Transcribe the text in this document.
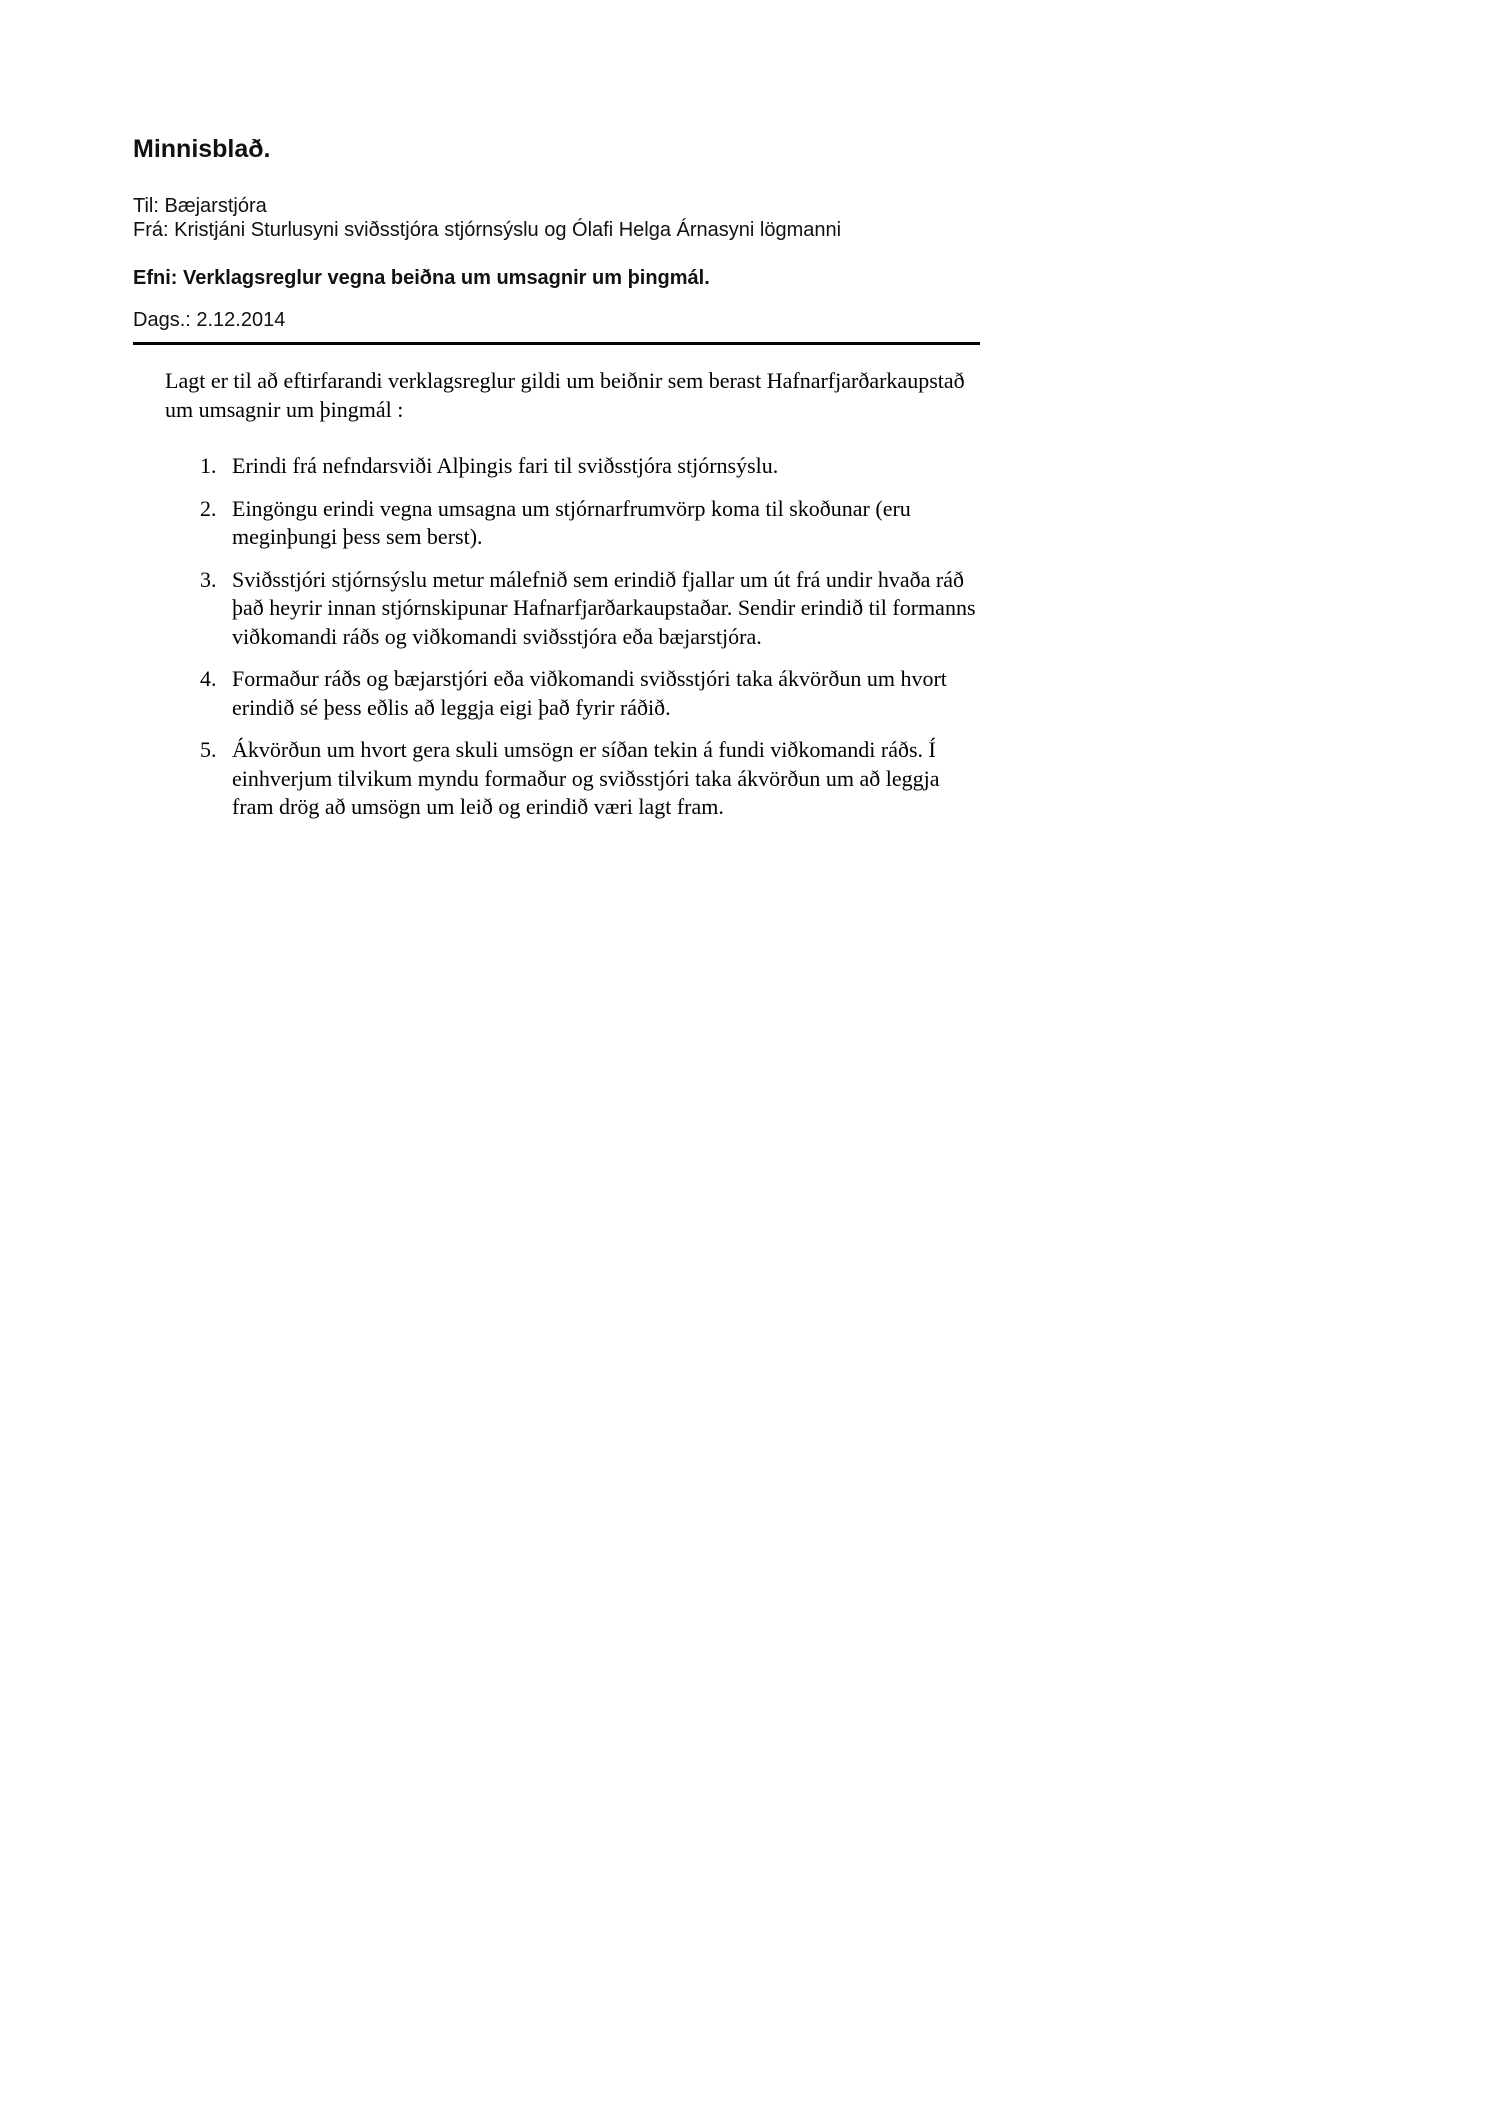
Minnisblað.

Til: Bæjarstjóra

Frá: Kristjáni Sturlusyni sviðsstjóra stjórnsýslu og Ólafi Helga Árnasyni lögmanni

Efni: Verklagsreglur vegna beiðna um umsagnir um þingmál.

Dags.: 2.12.2014

Lagt er til að eftirfarandi verklagsreglur gildi um beiðnir sem berast Hafnarfjarðarkaupstað um umsagnir um þingmál :

1. Erindi frá nefndarsviði Alþingis fari til sviðsstjóra stjórnsýslu.
2. Eingöngu erindi vegna umsagna um stjórnarfrumvörp koma til skoðunar (eru meginþungi þess sem berst).
3. Sviðsstjóri stjórnsýslu metur málefnið sem erindið fjallar um út frá undir hvaða ráð það heyrir innan stjórnskipunar Hafnarfjarðarkaupstaðar. Sendir erindið til formanns viðkomandi ráðs og viðkomandi sviðsstjóra eða bæjarstjóra.
4. Formaður ráðs og bæjarstjóri eða viðkomandi sviðsstjóri taka ákvörðun um hvort erindið sé þess eðlis að leggja eigi það fyrir ráðið.
5. Ákvörðun um hvort gera skuli umsögn er síðan tekin á fundi viðkomandi ráðs. Í einhverjum tilvikum myndu formaður og sviðsstjóri taka ákvörðun um að leggja fram drög að umsögn um leið og erindið væri lagt fram.
